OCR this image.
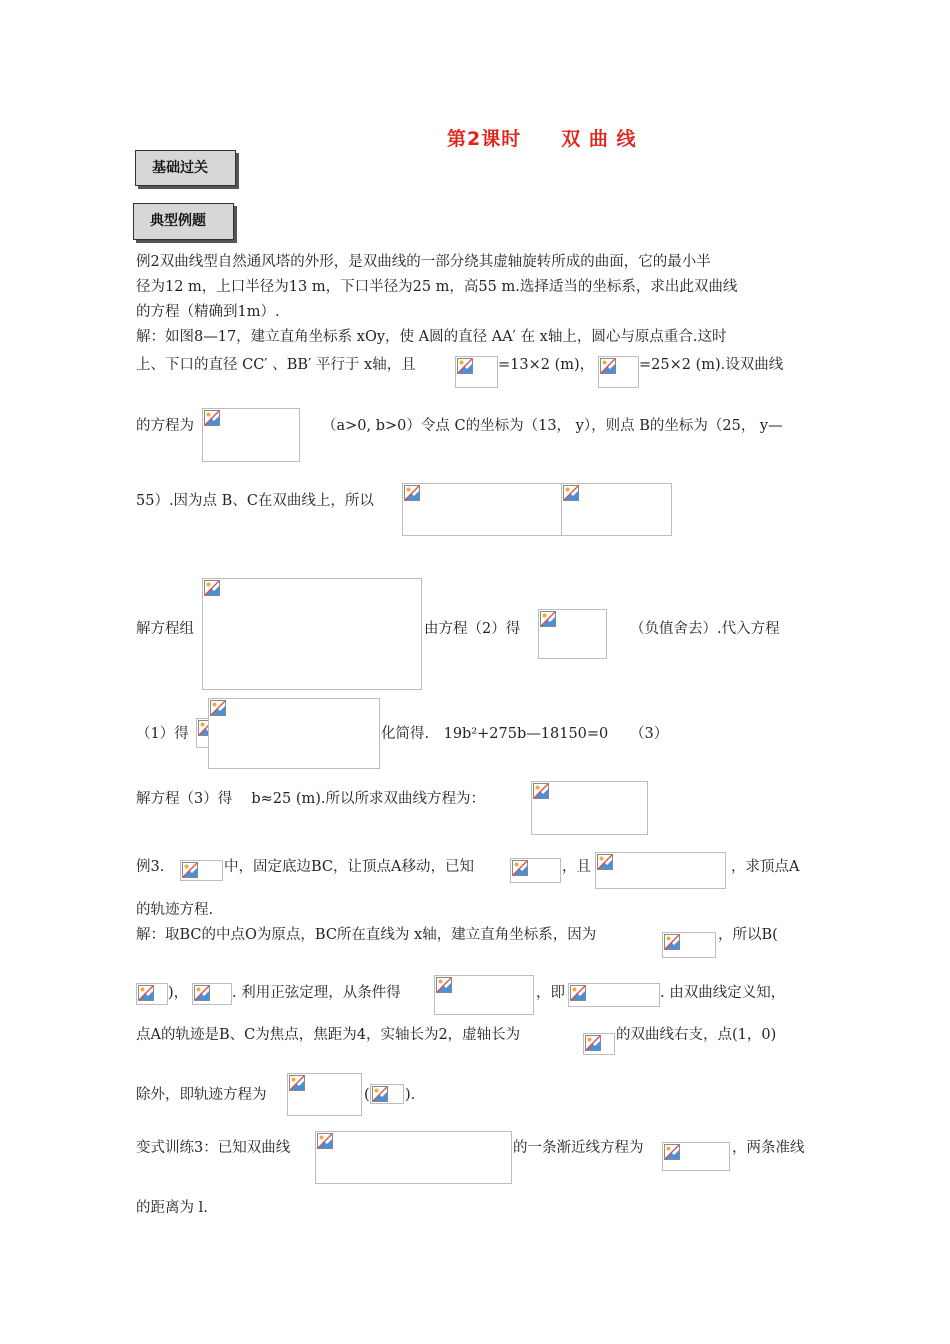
第2课时　　双 曲 线
基础过关
典型例题
例2双曲线型自然通风塔的外形，是双曲线的一部分绕其虚轴旋转所成的曲面，它的最小半
径为12 m，上口半径为13 m，下口半径为25 m，高55 m.选择适当的坐标系，求出此双曲线
的方程（精确到1m）.
解：如图8—17，建立直角坐标系 xOy，使 A圆的直径 AA′ 在 x轴上，圆心与原点重合.这时
上、下口的直径 CC′ 、BB′ 平行于 x轴，且	=13×2 (m)，	=25×2 (m).设双曲线
的方程为	（a>0, b>0）令点 C的坐标为（13， y），则点 B的坐标为（25， y—
55）.因为点 B、C在双曲线上，所以
解方程组	由方程（2）得	（负值舍去）.代入方程
（1）得	化简得.　19b²+275b—18150=0　　（3）
解方程（3）得　 b≈25 (m).所以所求双曲线方程为：
例3.	中，固定底边BC，让顶点A移动，已知	，且	，求顶点A
的轨迹方程.
解：取BC的中点O为原点，BC所在直线为 x轴，建立直角坐标系，因为	，所以B(
)，	. 利用正弦定理，从条件得	，即	. 由双曲线定义知，
点A的轨迹是B、C为焦点，焦距为4，实轴长为2，虚轴长为	的双曲线右支，点(1，0)
除外，即轨迹方程为	( ).
变式训练3：已知双曲线	的一条渐近线方程为	，两条准线
的距离为 l.
